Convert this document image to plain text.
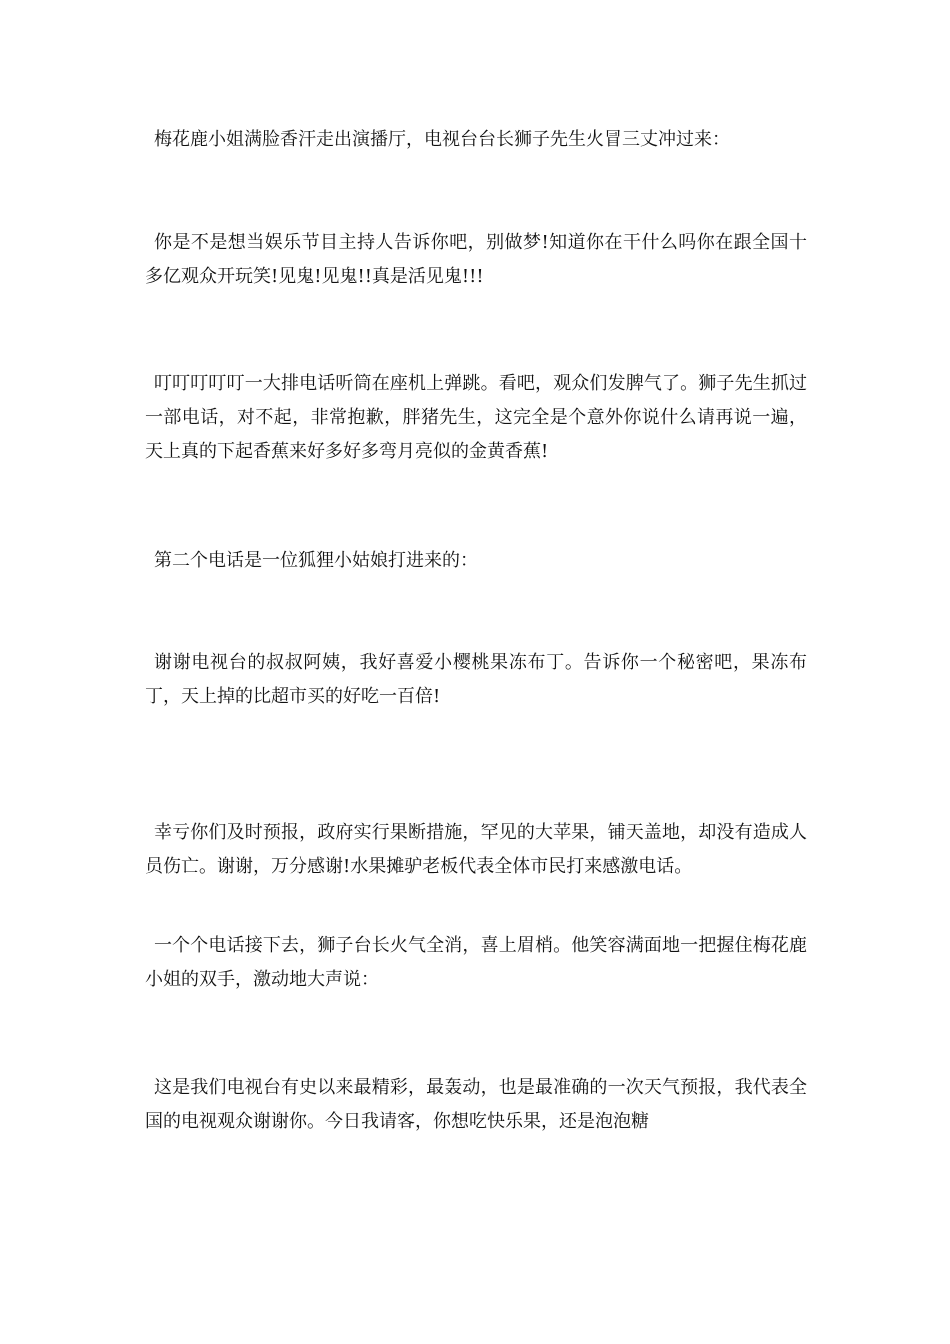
梅花鹿小姐满脸香汗走出演播厅，电视台台长狮子先生火冒三丈冲过来：

你是不是想当娱乐节目主持人告诉你吧，别做梦!知道你在干什么吗你在跟全国十多亿观众开玩笑!见鬼!见鬼!!真是活见鬼!!!

叮叮叮叮叮一大排电话听筒在座机上弹跳。看吧，观众们发脾气了。狮子先生抓过一部电话，对不起，非常抱歉，胖猪先生，这完全是个意外你说什么请再说一遍，天上真的下起香蕉来好多好多弯月亮似的金黄香蕉!

第二个电话是一位狐狸小姑娘打进来的：

谢谢电视台的叔叔阿姨，我好喜爱小樱桃果冻布丁。告诉你一个秘密吧，果冻布丁，天上掉的比超市买的好吃一百倍!

幸亏你们及时预报，政府实行果断措施，罕见的大苹果，铺天盖地，却没有造成人员伤亡。谢谢，万分感谢!水果摊驴老板代表全体市民打来感激电话。

一个个电话接下去，狮子台长火气全消，喜上眉梢。他笑容满面地一把握住梅花鹿小姐的双手，激动地大声说：

这是我们电视台有史以来最精彩，最轰动，也是最准确的一次天气预报，我代表全国的电视观众谢谢你。今日我请客，你想吃快乐果，还是泡泡糖
